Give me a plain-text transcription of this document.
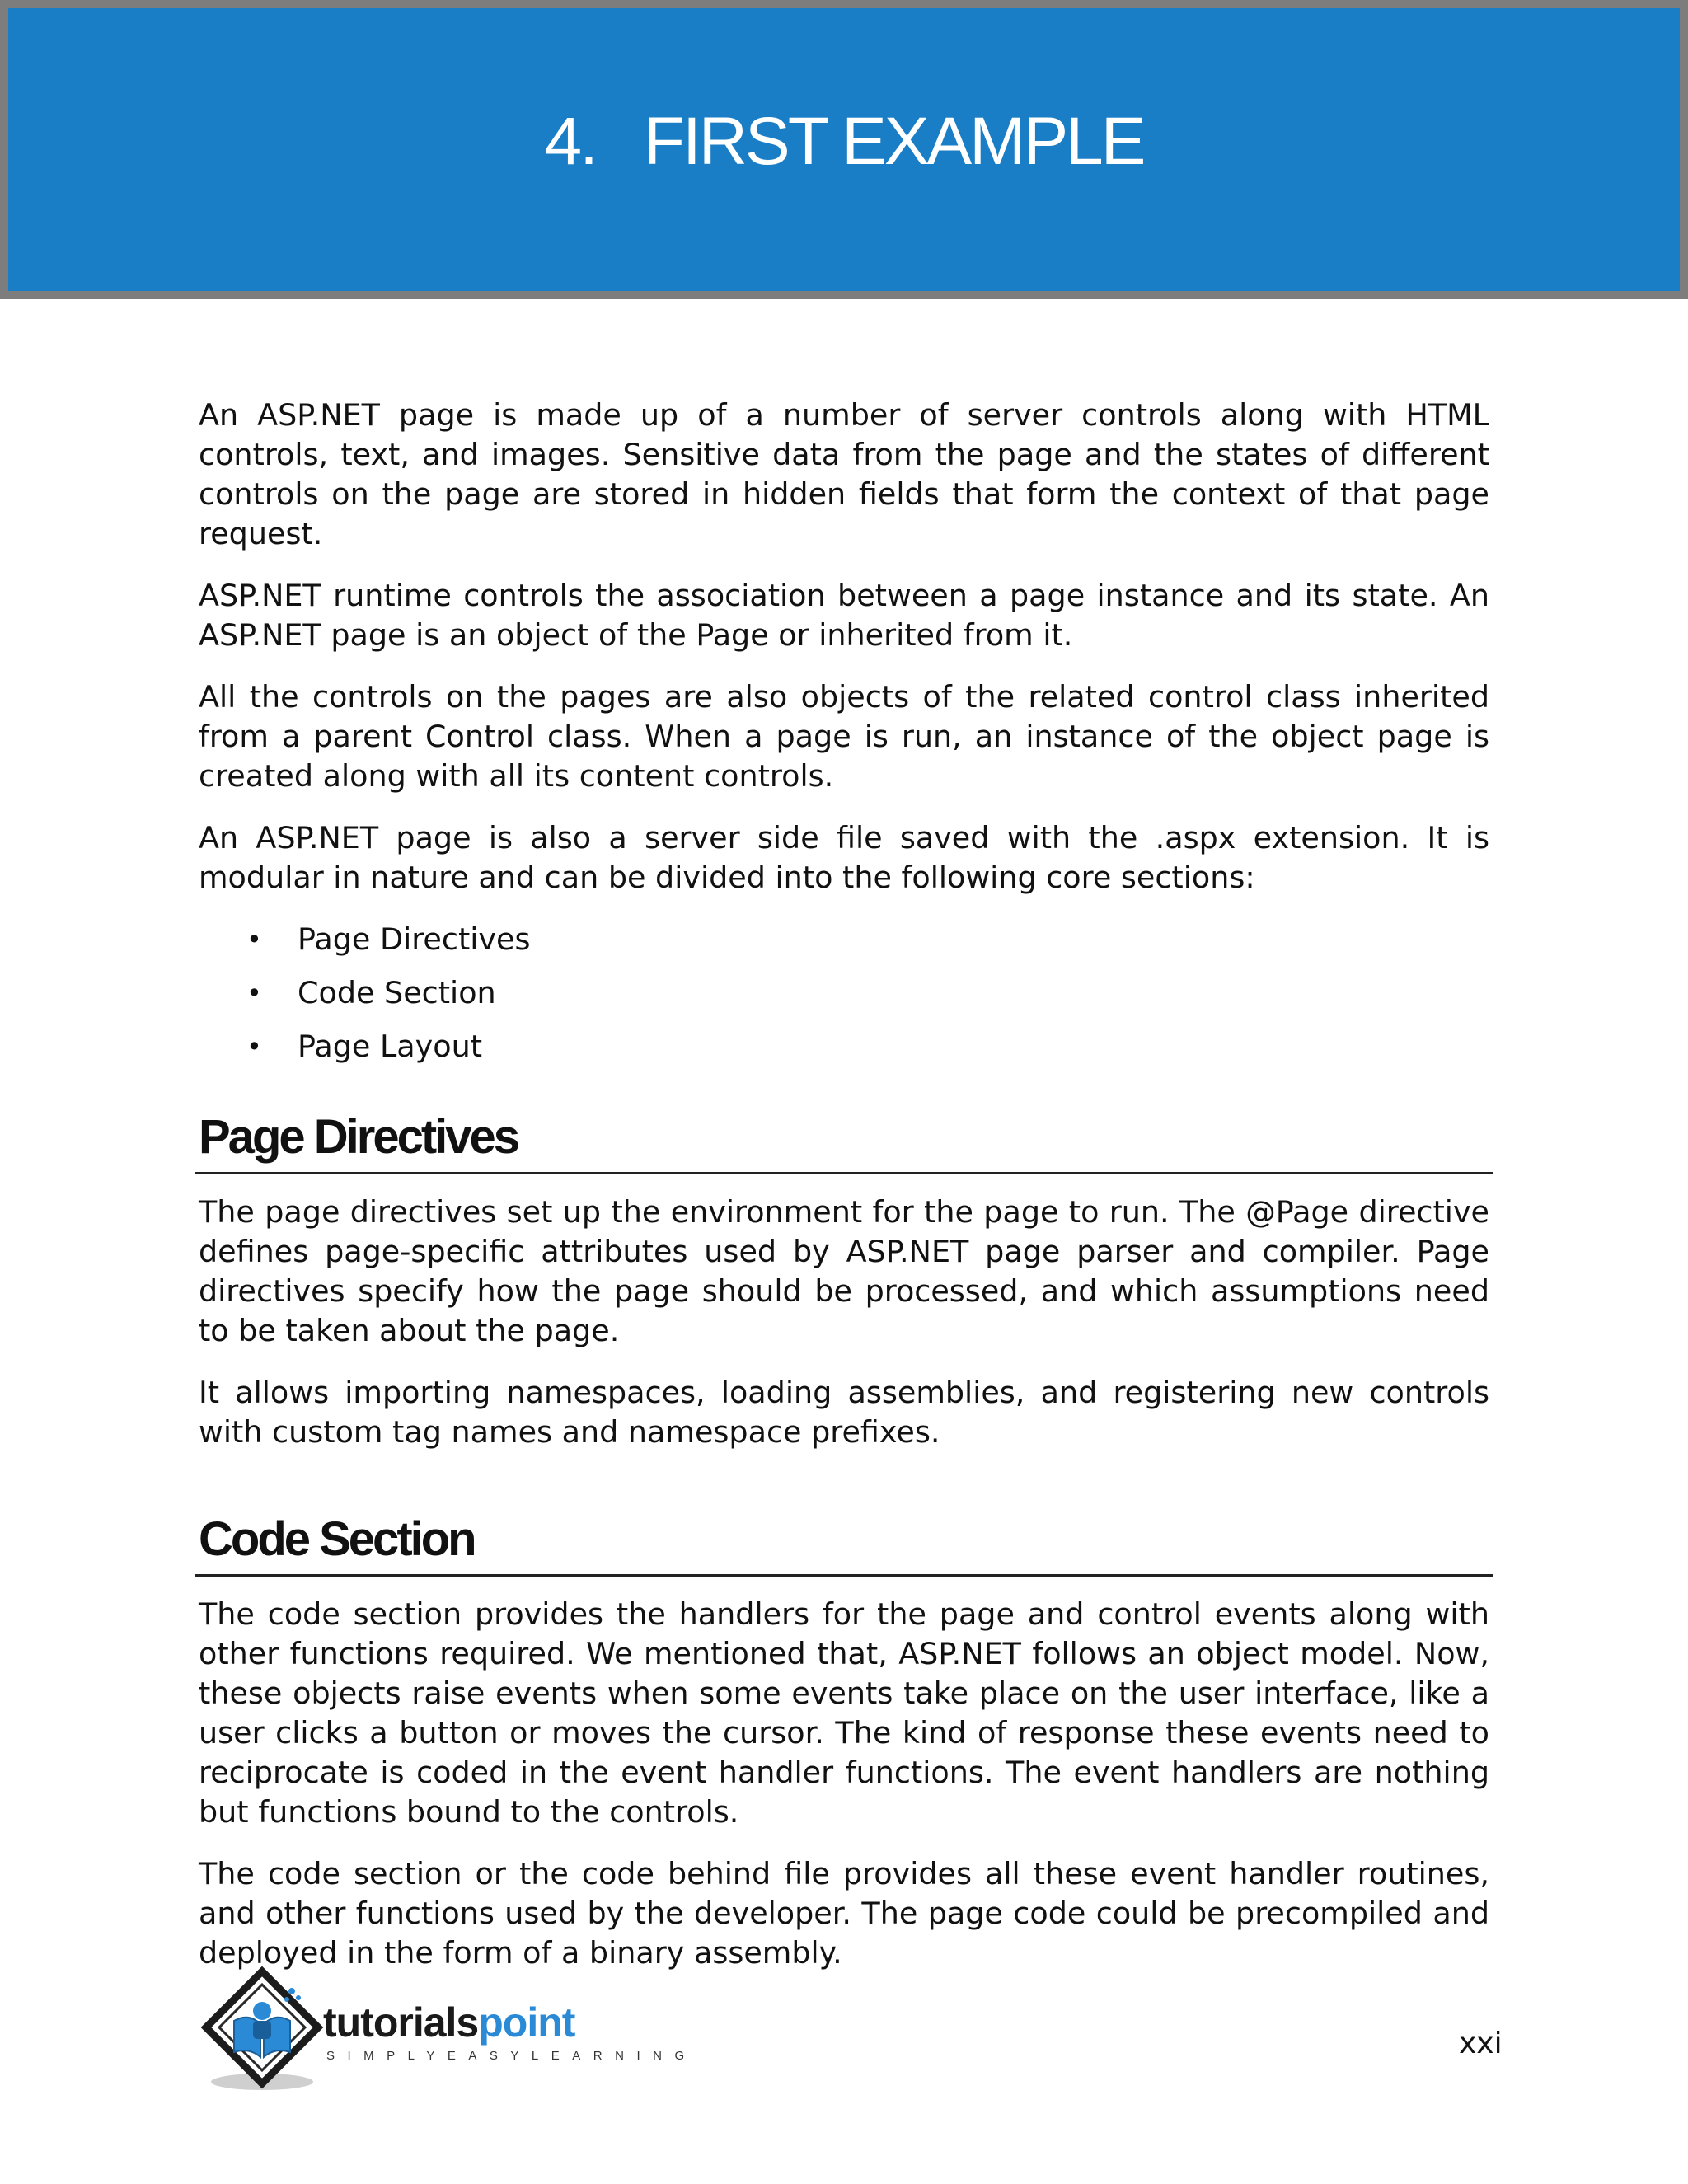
4. FIRST EXAMPLE

An ASP.NET page is made up of a number of server controls along with HTML controls, text, and images. Sensitive data from the page and the states of different controls on the page are stored in hidden fields that form the context of that page request.

ASP.NET runtime controls the association between a page instance and its state. An ASP.NET page is an object of the Page or inherited from it.

All the controls on the pages are also objects of the related control class inherited from a parent Control class. When a page is run, an instance of the object page is created along with all its content controls.

An ASP.NET page is also a server side file saved with the .aspx extension. It is modular in nature and can be divided into the following core sections:

• Page Directives
• Code Section
• Page Layout
Page Directives

The page directives set up the environment for the page to run. The @Page directive defines page-specific attributes used by ASP.NET page parser and compiler. Page directives specify how the page should be processed, and which assumptions need to be taken about the page.

It allows importing namespaces, loading assemblies, and registering new controls with custom tag names and namespace prefixes.

Code Section

The code section provides the handlers for the page and control events along with other functions required. We mentioned that, ASP.NET follows an object model. Now, these objects raise events when some events take place on the user interface, like a user clicks a button or moves the cursor. The kind of response these events need to reciprocate is coded in the event handler functions. The event handlers are nothing but functions bound to the controls.

The code section or the code behind file provides all these event handler routines, and other functions used by the developer. The page code could be precompiled and deployed in the form of a binary assembly.

tutorialspoint
SIMPLYEASYLEARNING	xxi
